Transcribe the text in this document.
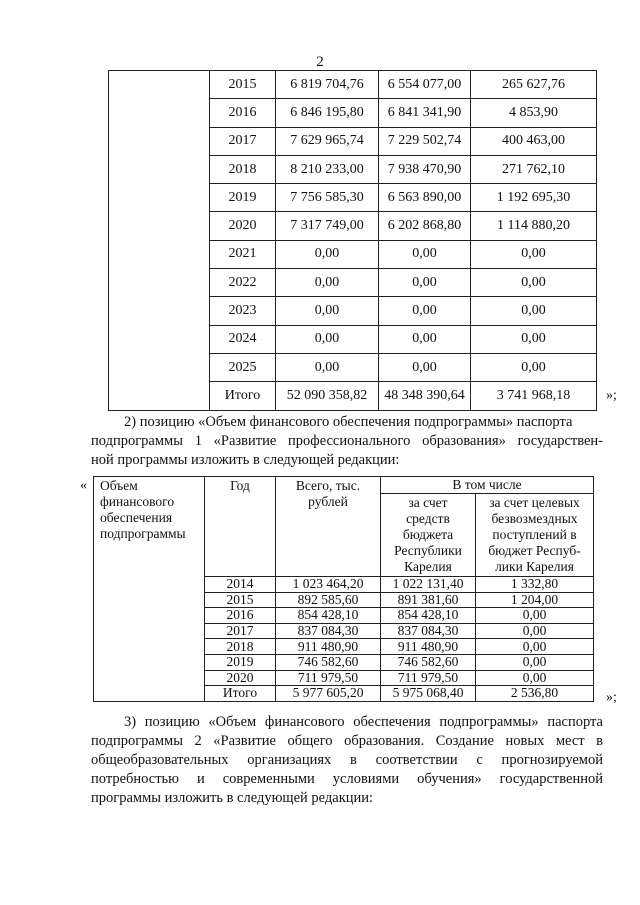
2
	2015	6 819 704,76	6 554 077,00	265 627,76
	2016	6 846 195,80	6 841 341,90	4 853,90
	2017	7 629 965,74	7 229 502,74	400 463,00
	2018	8 210 233,00	7 938 470,90	271 762,10
	2019	7 756 585,30	6 563 890,00	1 192 695,30
	2020	7 317 749,00	6 202 868,80	1 114 880,20
	2021	0,00	0,00	0,00
	2022	0,00	0,00	0,00
	2023	0,00	0,00	0,00
	2024	0,00	0,00	0,00
	2025	0,00	0,00	0,00
	Итого	52 090 358,82	48 348 390,64	3 741 968,18	»;
2) позицию «Объем финансового обеспечения подпрограммы» паспорта
подпрограммы 1 «Развитие профессионального образования» государствен-
ной программы изложить в следующей редакции:
« Объем финансового обеспечения подпрограммы	Год	Всего, тыс. рублей	В том числе	
			за счет средств бюджета Республики Карелия	за счет целевых безвозмездных поступлений в бюджет Респуб-лики Карелия
	2014	1 023 464,20	1 022 131,40	1 332,80
	2015	892 585,60	891 381,60	1 204,00
	2016	854 428,10	854 428,10	0,00
	2017	837 084,30	837 084,30	0,00
	2018	911 480,90	911 480,90	0,00
	2019	746 582,60	746 582,60	0,00
	2020	711 979,50	711 979,50	0,00
	Итого	5 977 605,20	5 975 068,40	2 536,80	»;
3) позицию «Объем финансового обеспечения подпрограммы» паспорта
подпрограммы 2 «Развитие общего образования. Создание новых мест в
общеобразовательных  организациях  в  соответствии  с  прогнозируемой
потребностью  и  современными  условиями  обучения»  государственной
программы изложить в следующей редакции:
